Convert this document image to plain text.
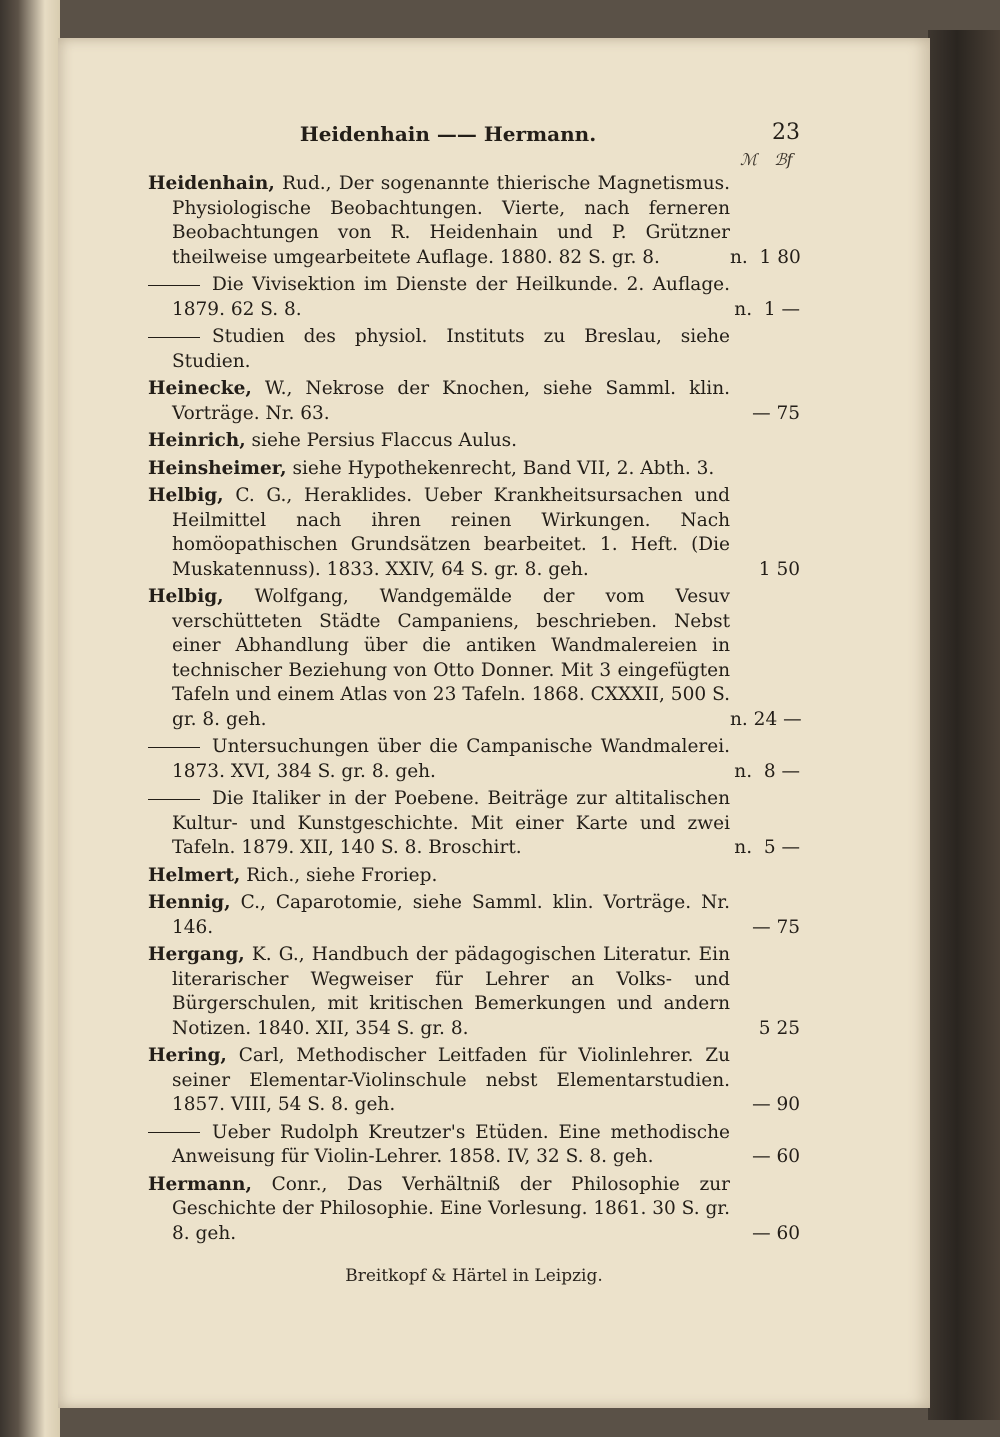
Heidenhain —— Hermann.	23
ℳ ℬf
Heidenhain, Rud., Der sogenannte thierische Magnetismus. Physiologische Beobachtungen. Vierte, nach ferneren Beobachtungen von R. Heidenhain und P. Grützner theilweise umgearbeitete Auflage. 1880. 82 S. gr. 8.	n.  1 80
Die Vivisektion im Dienste der Heilkunde. 2. Auflage. 1879. 62 S. 8.	n.  1 —
Studien des physiol. Instituts zu Breslau, siehe Studien.
Heinecke, W., Nekrose der Knochen, siehe Samml. klin. Vorträge. Nr. 63.	— 75
Heinrich, siehe Persius Flaccus Aulus.
Heinsheimer, siehe Hypothekenrecht, Band VII, 2. Abth. 3.
Helbig, C. G., Heraklides. Ueber Krankheitsursachen und Heilmittel nach ihren reinen Wirkungen. Nach homöopathischen Grundsätzen bearbeitet. 1. Heft. (Die Muskatennuss). 1833. XXIV, 64 S. gr. 8. geh.	1 50
Helbig, Wolfgang, Wandgemälde der vom Vesuv verschütteten Städte Campaniens, beschrieben. Nebst einer Abhandlung über die antiken Wandmalereien in technischer Beziehung von Otto Donner. Mit 3 eingefügten Tafeln und einem Atlas von 23 Tafeln. 1868. CXXXII, 500 S. gr. 8. geh.	n. 24 —
Untersuchungen über die Campanische Wandmalerei. 1873. XVI, 384 S. gr. 8. geh.	n.  8 —
Die Italiker in der Poebene. Beiträge zur altitalischen Kultur- und Kunstgeschichte. Mit einer Karte und zwei Tafeln. 1879. XII, 140 S. 8. Broschirt.	n.  5 —
Helmert, Rich., siehe Froriep.
Hennig, C., Caparotomie, siehe Samml. klin. Vorträge. Nr. 146.	— 75
Hergang, K. G., Handbuch der pädagogischen Literatur. Ein literarischer Wegweiser für Lehrer an Volks- und Bürgerschulen, mit kritischen Bemerkungen und andern Notizen. 1840. XII, 354 S. gr. 8.	5 25
Hering, Carl, Methodischer Leitfaden für Violinlehrer. Zu seiner Elementar-Violinschule nebst Elementarstudien. 1857. VIII, 54 S. 8. geh.	— 90
Ueber Rudolph Kreutzer's Etüden. Eine methodische Anweisung für Violin-Lehrer. 1858. IV, 32 S. 8. geh.	— 60
Hermann, Conr., Das Verhältniß der Philosophie zur Geschichte der Philosophie. Eine Vorlesung. 1861. 30 S. gr. 8. geh.	— 60
Breitkopf & Härtel in Leipzig.
